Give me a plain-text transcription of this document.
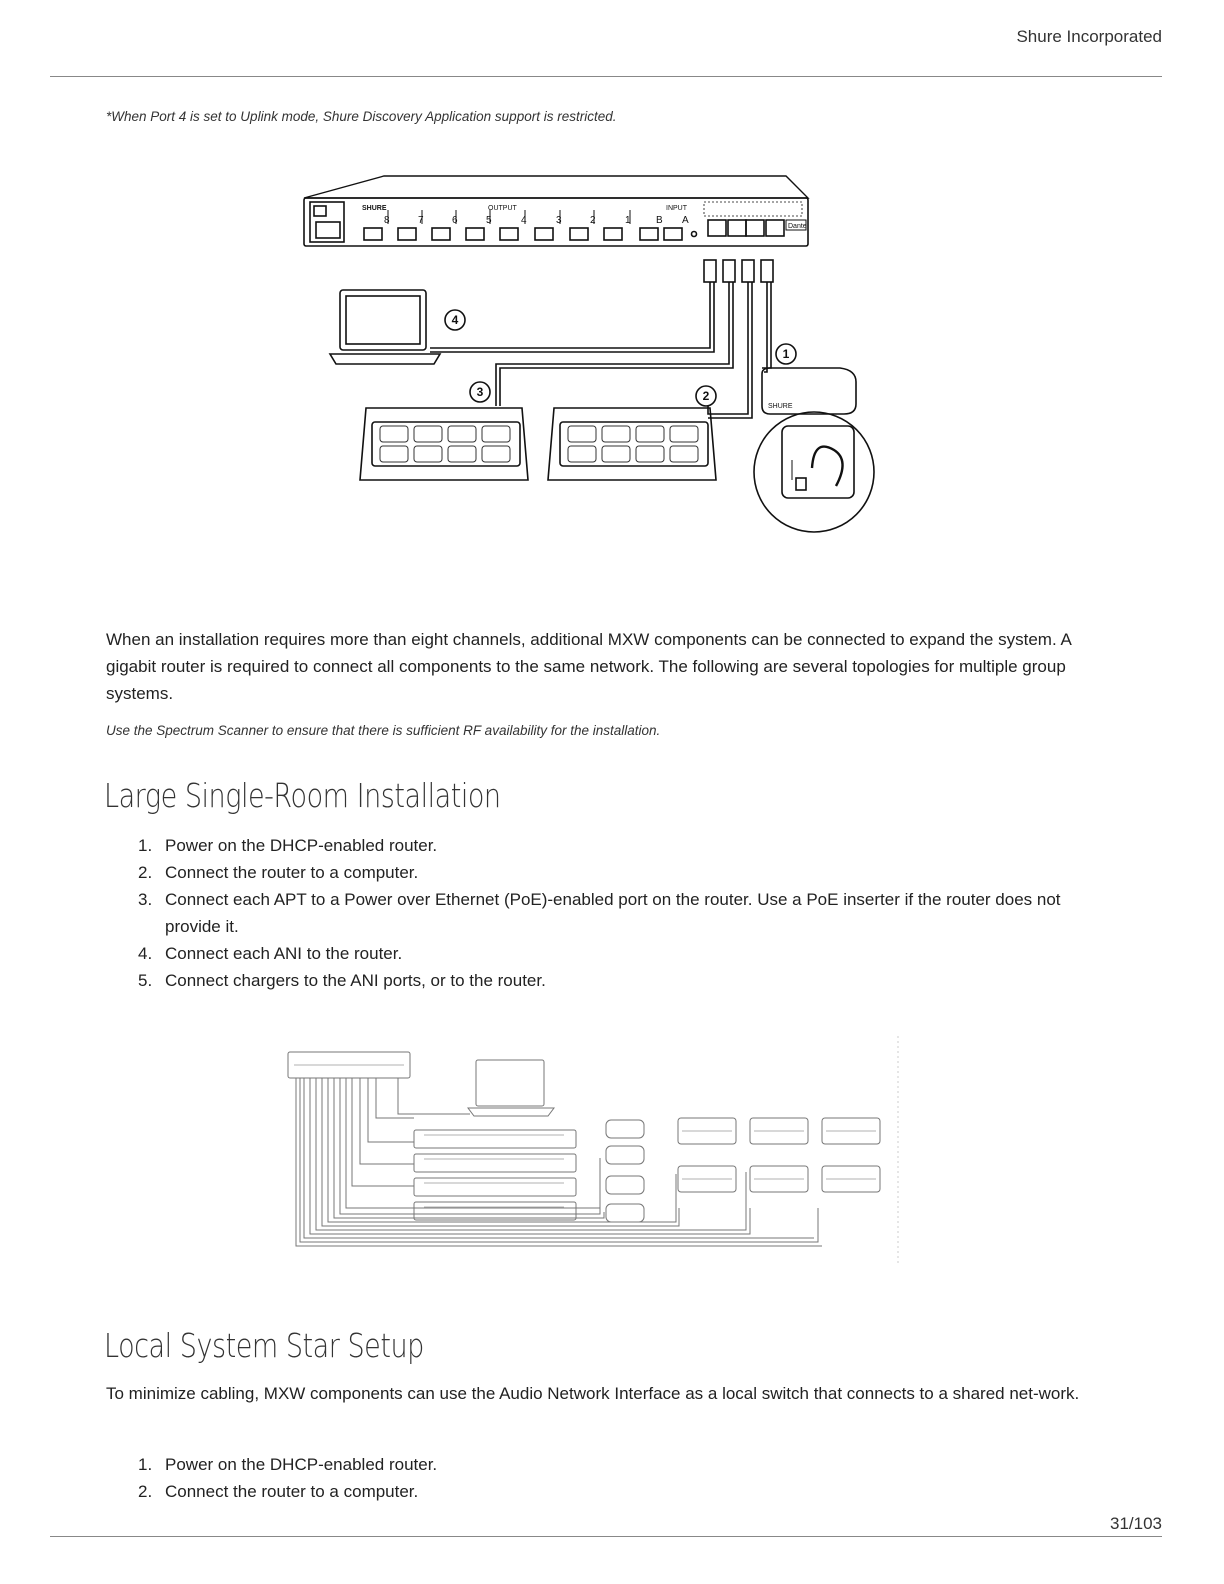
Shure Incorporated
*When Port 4 is set to Uplink mode, Shure Discovery Application support is restricted.
SHURE	OUTPUT	INPUT
Dante
SHURE
8	7	6	5	4	3	2	1	B A
1
2
3
4

When an installation requires more than eight channels, additional MXW components can be connected to expand the system. A gigabit router is required to connect all components to the same network. The following are several topologies for multiple group systems.

Use the Spectrum Scanner to ensure that there is sufficient RF availability for the installation.
Large Single-Room Installation
1. Power on the DHCP-enabled router.
2. Connect the router to a computer.
3. Connect each APT to a Power over Ethernet (PoE)-enabled port on the router. Use a PoE inserter if the router does not provide it.
4. Connect each ANI to the router.
5. Connect chargers to the ANI ports, or to the router.
Local System Star Setup

To minimize cabling, MXW components can use the Audio Network Interface as a local switch that connects to a shared net-work.

1. Power on the DHCP-enabled router.
2. Connect the router to a computer.
31/103
